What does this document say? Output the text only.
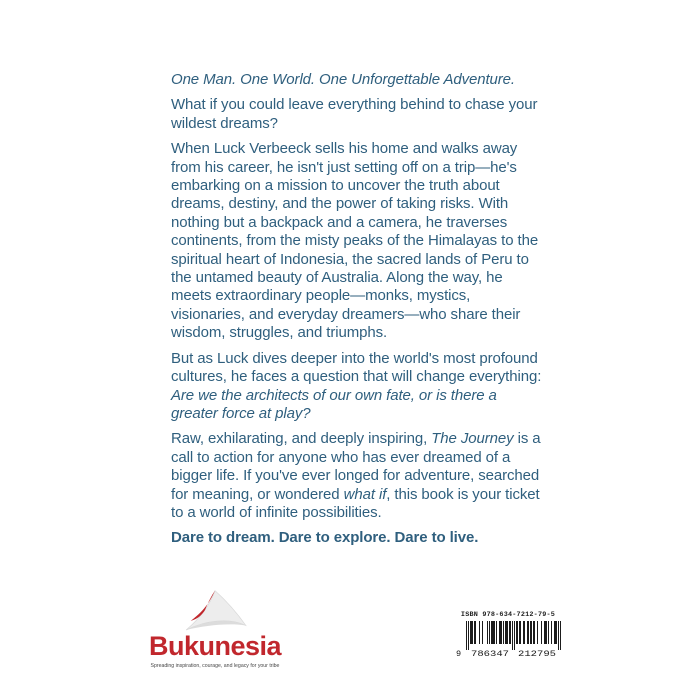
One Man. One World. One Unforgettable Adventure.

What if you could leave everything behind to chase your wildest dreams?

When Luck Verbeeck sells his home and walks away from his career, he isn't just setting off on a trip—he's embarking on a mission to uncover the truth about dreams, destiny, and the power of taking risks. With nothing but a backpack and a camera, he traverses continents, from the misty peaks of the Himalayas to the spiritual heart of Indonesia, the sacred lands of Peru to the untamed beauty of Australia. Along the way, he meets extraordinary people—monks, mystics, visionaries, and everyday dreamers—who share their wisdom, struggles, and triumphs.

But as Luck dives deeper into the world's most profound cultures, he faces a question that will change everything: Are we the architects of our own fate, or is there a greater force at play?

Raw, exhilarating, and deeply inspiring, The Journey is a call to action for anyone who has ever dreamed of a bigger life. If you've ever longed for adventure, searched for meaning, or wondered what if, this book is your ticket to a world of infinite possibilities.

Dare to dream. Dare to explore. Dare to live.

Bukunesia
Spreading inspiration, courage, and legacy for your tribe
ISBN 978-634-7212-79-5
9 786347 212795
